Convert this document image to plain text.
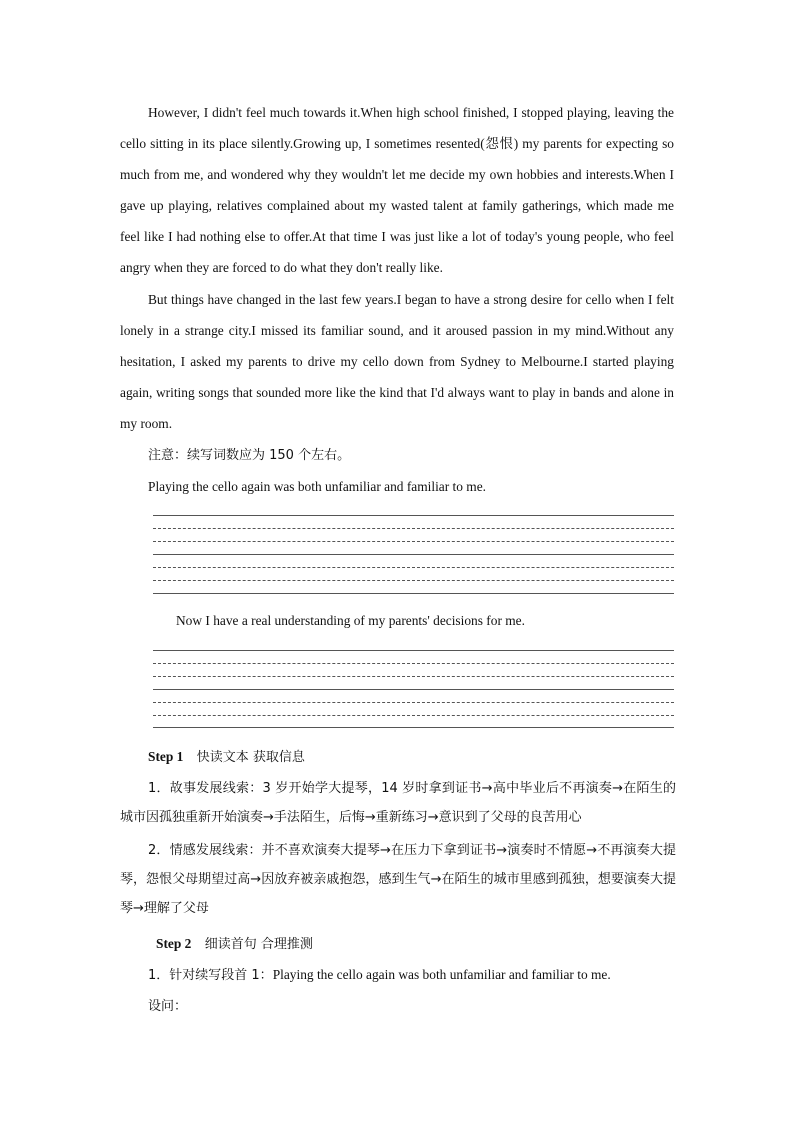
However, I didn't feel much towards it.When high school finished, I stopped playing, leaving the cello sitting in its place silently.Growing up, I sometimes resented(怨恨) my parents for expecting so much from me, and wondered why they wouldn't let me decide my own hobbies and interests.When I gave up playing, relatives complained about my wasted talent at family gatherings, which made me feel like I had nothing else to offer.At that time I was just like a lot of today's young people, who feel angry when they are forced to do what they don't really like.

But things have changed in the last few years.I began to have a strong desire for cello when I felt lonely in a strange city.I missed its familiar sound, and it aroused passion in my mind.Without any hesitation, I asked my parents to drive my cello down from Sydney to Melbourne.I started playing again, writing songs that sounded more like the kind that I'd always want to play in bands and alone in my room.

注意：续写词数应为 150 个左右。

Playing the cello again was both unfamiliar and familiar to me.

Now I have a real understanding of my parents' decisions for me.

Step 1 快读文本 获取信息

1．故事发展线索：3 岁开始学大提琴，14 岁时拿到证书→高中毕业后不再演奏→在陌生的城市因孤独重新开始演奏→手法陌生，后悔→重新练习→意识到了父母的良苦用心

2．情感发展线索：并不喜欢演奏大提琴→在压力下拿到证书→演奏时不情愿→不再演奏大提琴，怨恨父母期望过高→因放弃被亲戚抱怨，感到生气→在陌生的城市里感到孤独，想要演奏大提琴→理解了父母

Step 2 细读首句 合理推测
1．针对续写段首 1：Playing the cello again was both unfamiliar and familiar to me.

设问：
